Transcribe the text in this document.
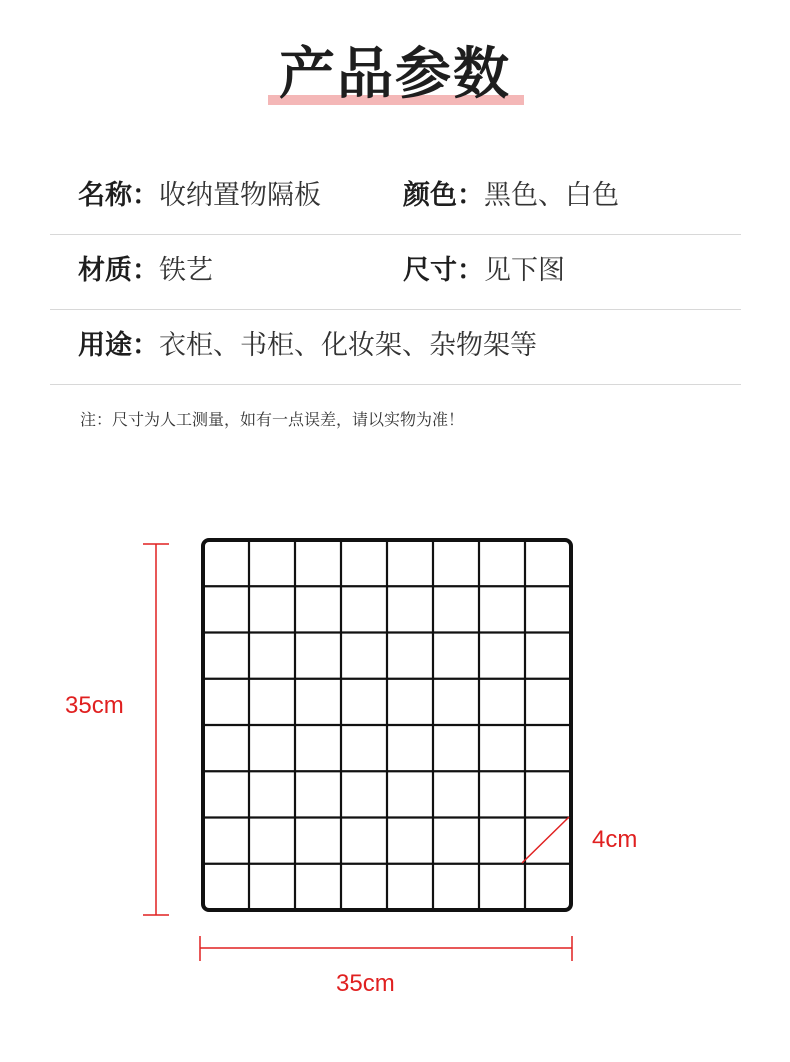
产品参数
名称：收纳置物隔板	颜色：黑色、白色
材质：铁艺	尺寸：见下图
用途：衣柜、书柜、化妆架、杂物架等
注：尺寸为人工测量，如有一点误差，请以实物为准！
35cm
4cm
35cm
